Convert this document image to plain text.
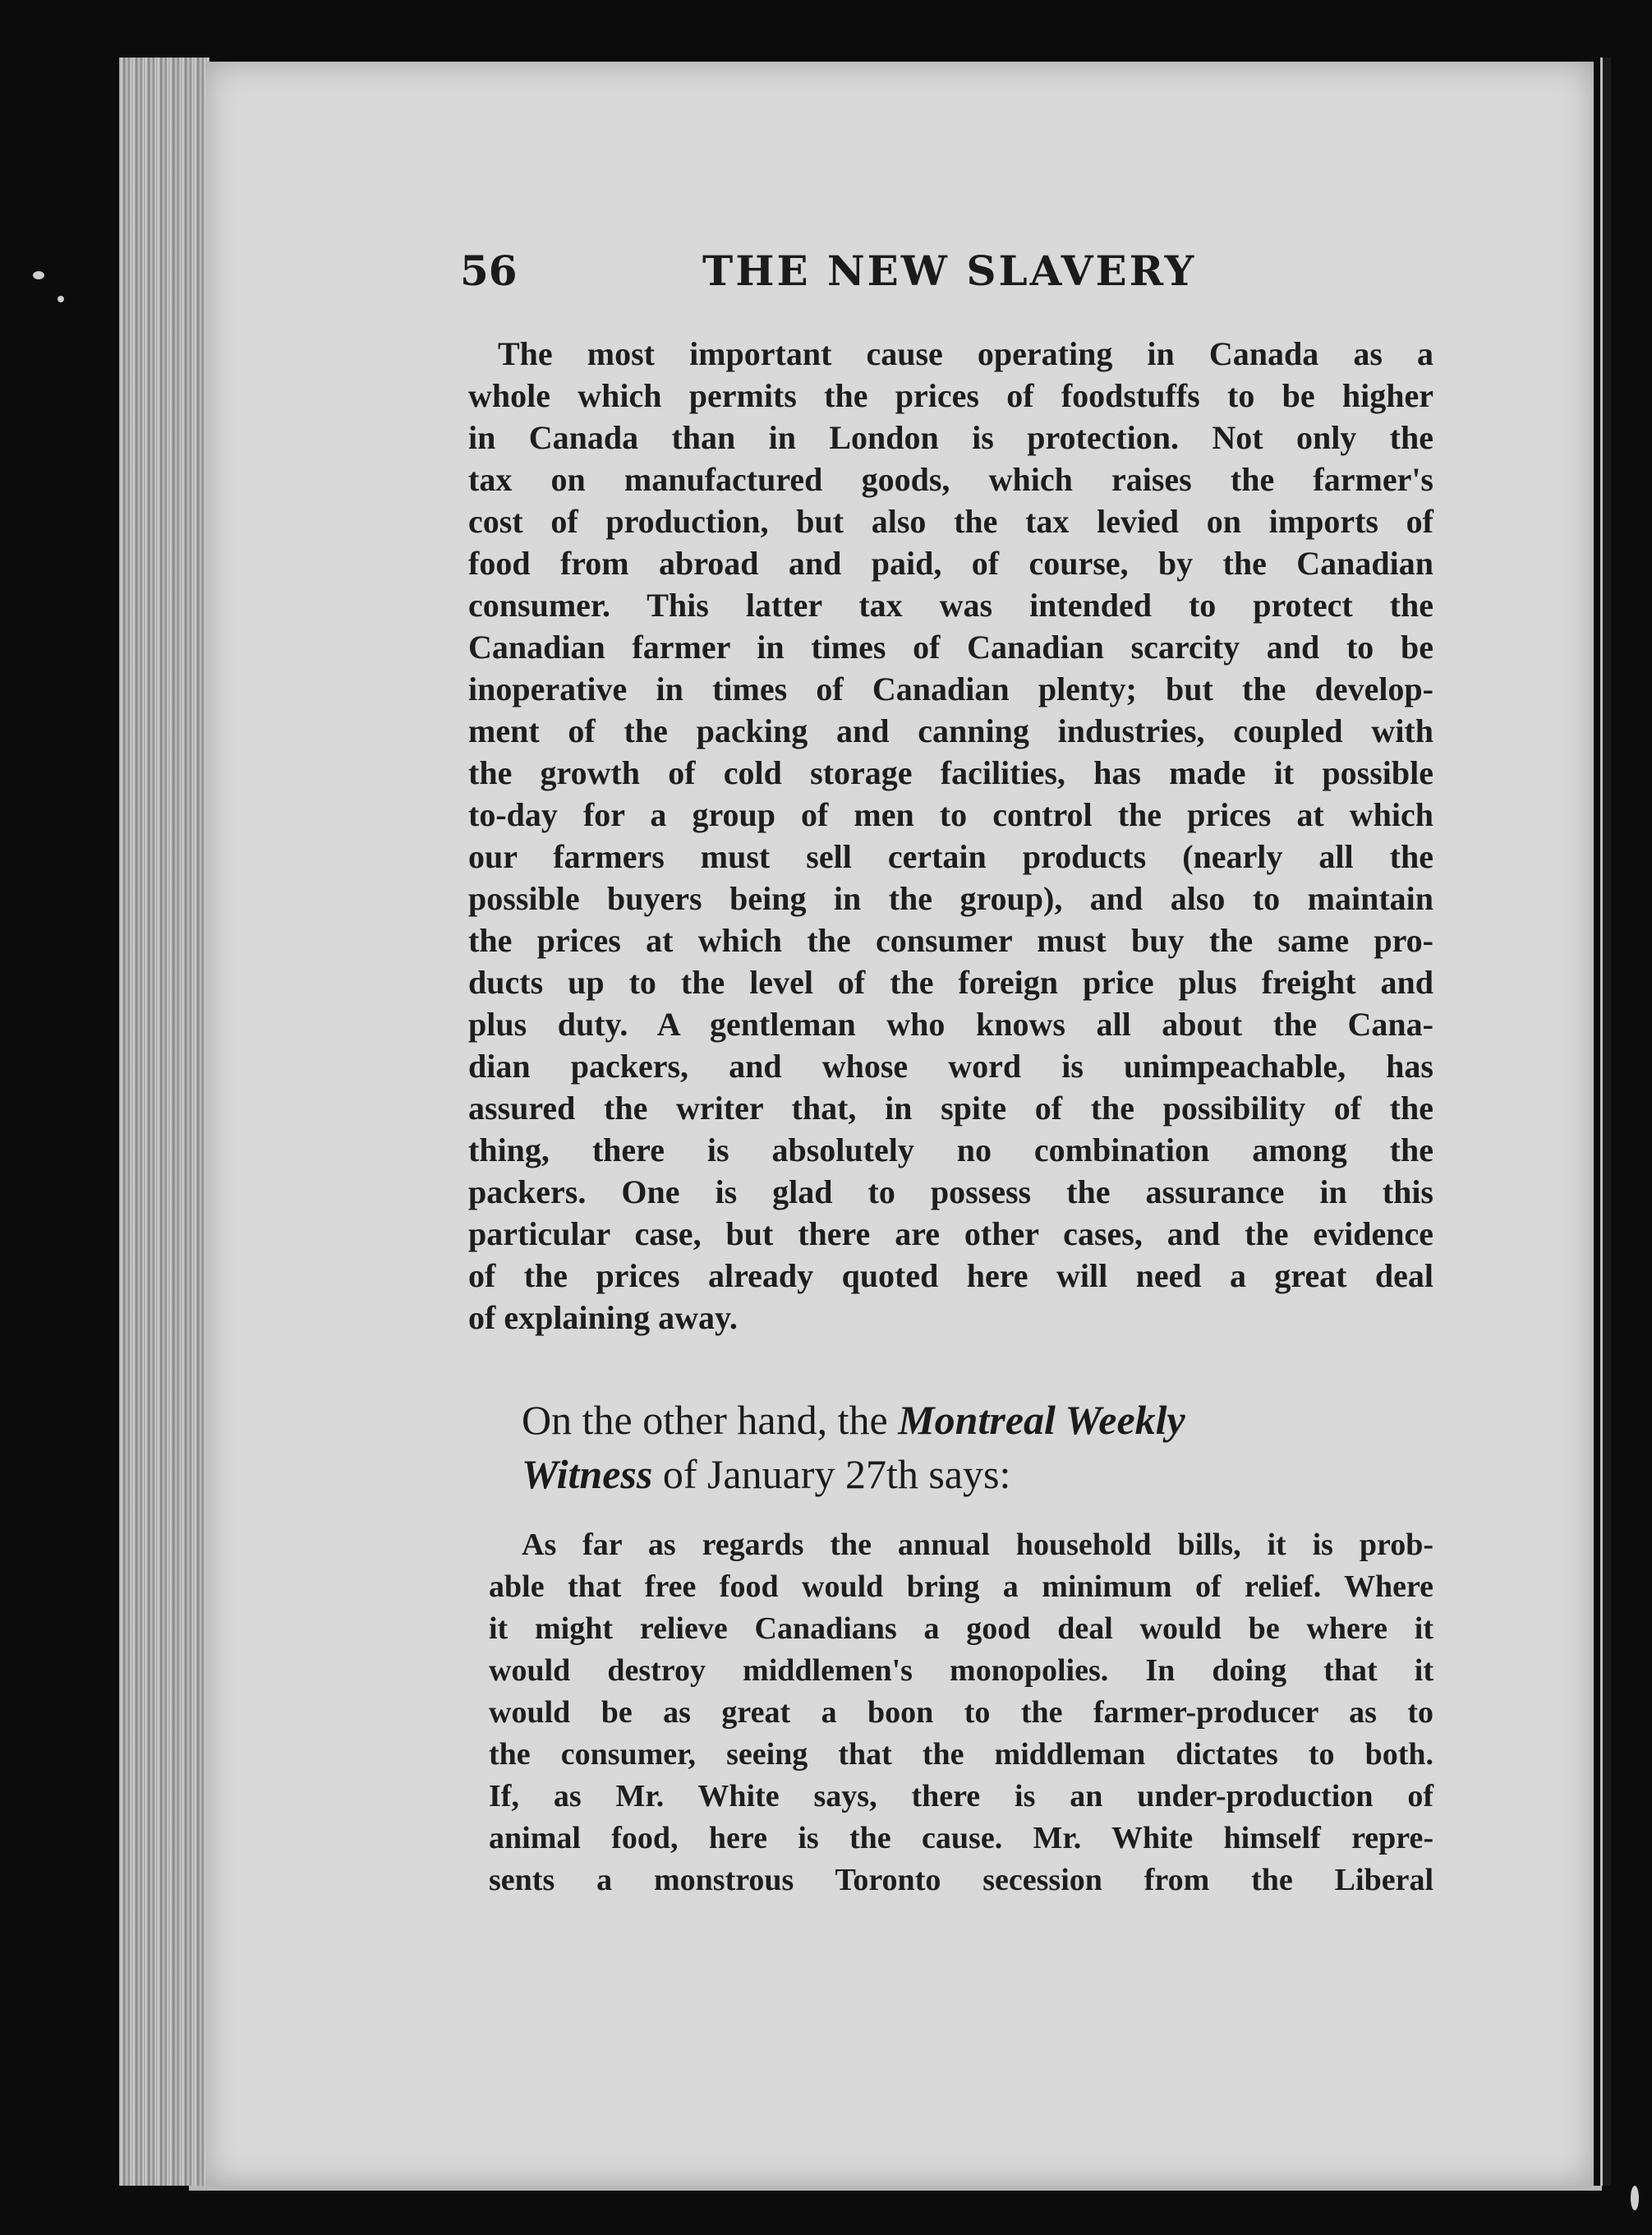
56	THE NEW SLAVERY
The most important cause operating in Canada as a
whole which permits the prices of foodstuffs to be higher
in Canada than in London is protection. Not only the
tax on manufactured goods, which raises the farmer's
cost of production, but also the tax levied on imports of
food from abroad and paid, of course, by the Canadian
consumer. This latter tax was intended to protect the
Canadian farmer in times of Canadian scarcity and to be
inoperative in times of Canadian plenty; but the develop-
ment of the packing and canning industries, coupled with
the growth of cold storage facilities, has made it possible
to-day for a group of men to control the prices at which
our farmers must sell certain products (nearly all the
possible buyers being in the group), and also to maintain
the prices at which the consumer must buy the same pro-
ducts up to the level of the foreign price plus freight and
plus duty. A gentleman who knows all about the Cana-
dian packers, and whose word is unimpeachable, has
assured the writer that, in spite of the possibility of the
thing, there is absolutely no combination among the
packers. One is glad to possess the assurance in this
particular case, but there are other cases, and the evidence
of the prices already quoted here will need a great deal
of explaining away.
On the other hand, the Montreal Weekly
Witness of January 27th says:
As far as regards the annual household bills, it is prob-
able that free food would bring a minimum of relief. Where
it might relieve Canadians a good deal would be where it
would destroy middlemen's monopolies. In doing that it
would be as great a boon to the farmer-producer as to
the consumer, seeing that the middleman dictates to both.
If, as Mr. White says, there is an under-production of
animal food, here is the cause. Mr. White himself repre-
sents a monstrous Toronto secession from the Liberal
